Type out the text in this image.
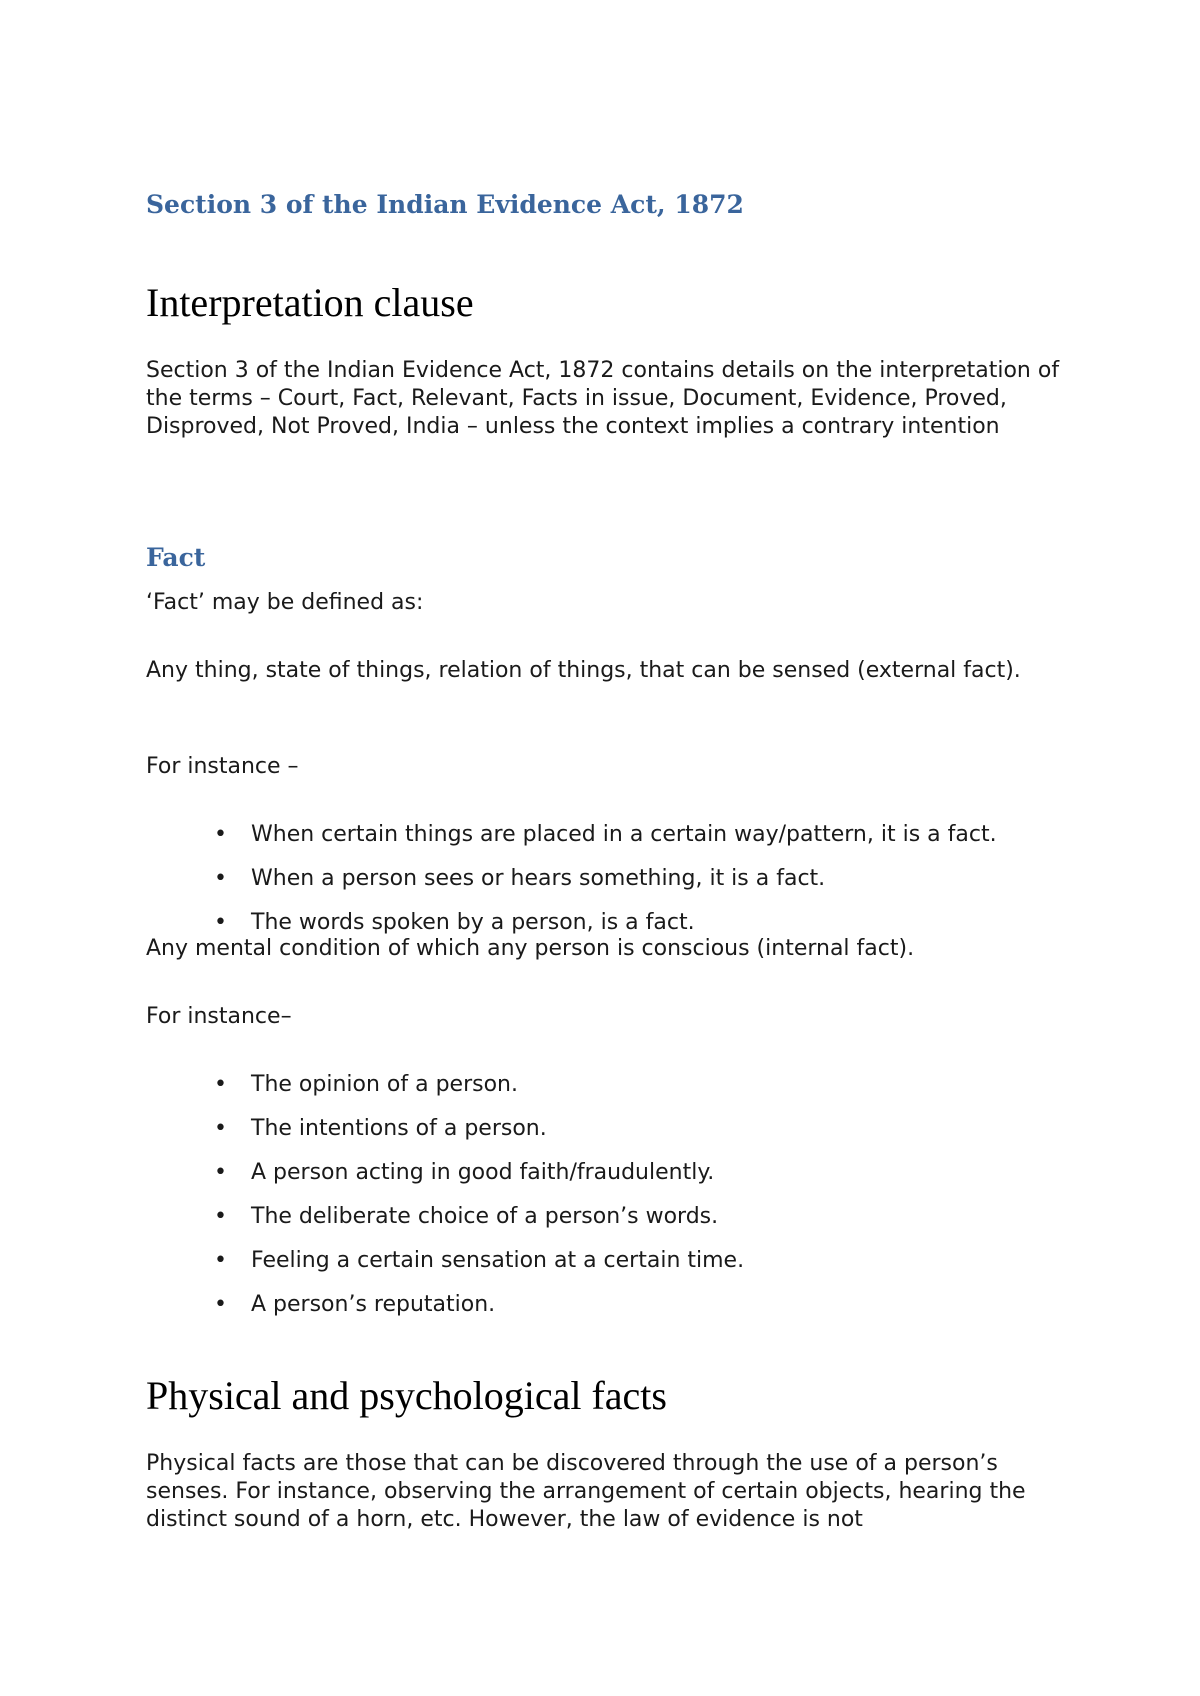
Section 3 of the Indian Evidence Act, 1872
Interpretation clause

Section 3 of the Indian Evidence Act, 1872 contains details on the interpretation of the terms – Court, Fact, Relevant, Facts in issue, Document, Evidence, Proved, Disproved, Not Proved, India – unless the context implies a contrary intention

Fact

‘Fact’ may be defined as:

Any thing, state of things, relation of things, that can be sensed (external fact).

For instance –

• When certain things are placed in a certain way/pattern, it is a fact.
• When a person sees or hears something, it is a fact.
• The words spoken by a person, is a fact.

Any mental condition of which any person is conscious (internal fact).

For instance–

• The opinion of a person.
• The intentions of a person.
• A person acting in good faith/fraudulently.
• The deliberate choice of a person’s words.
• Feeling a certain sensation at a certain time.
• A person’s reputation.
Physical and psychological facts

Physical facts are those that can be discovered through the use of a person’s senses. For instance, observing the arrangement of certain objects, hearing the distinct sound of a horn, etc. However, the law of evidence is not
